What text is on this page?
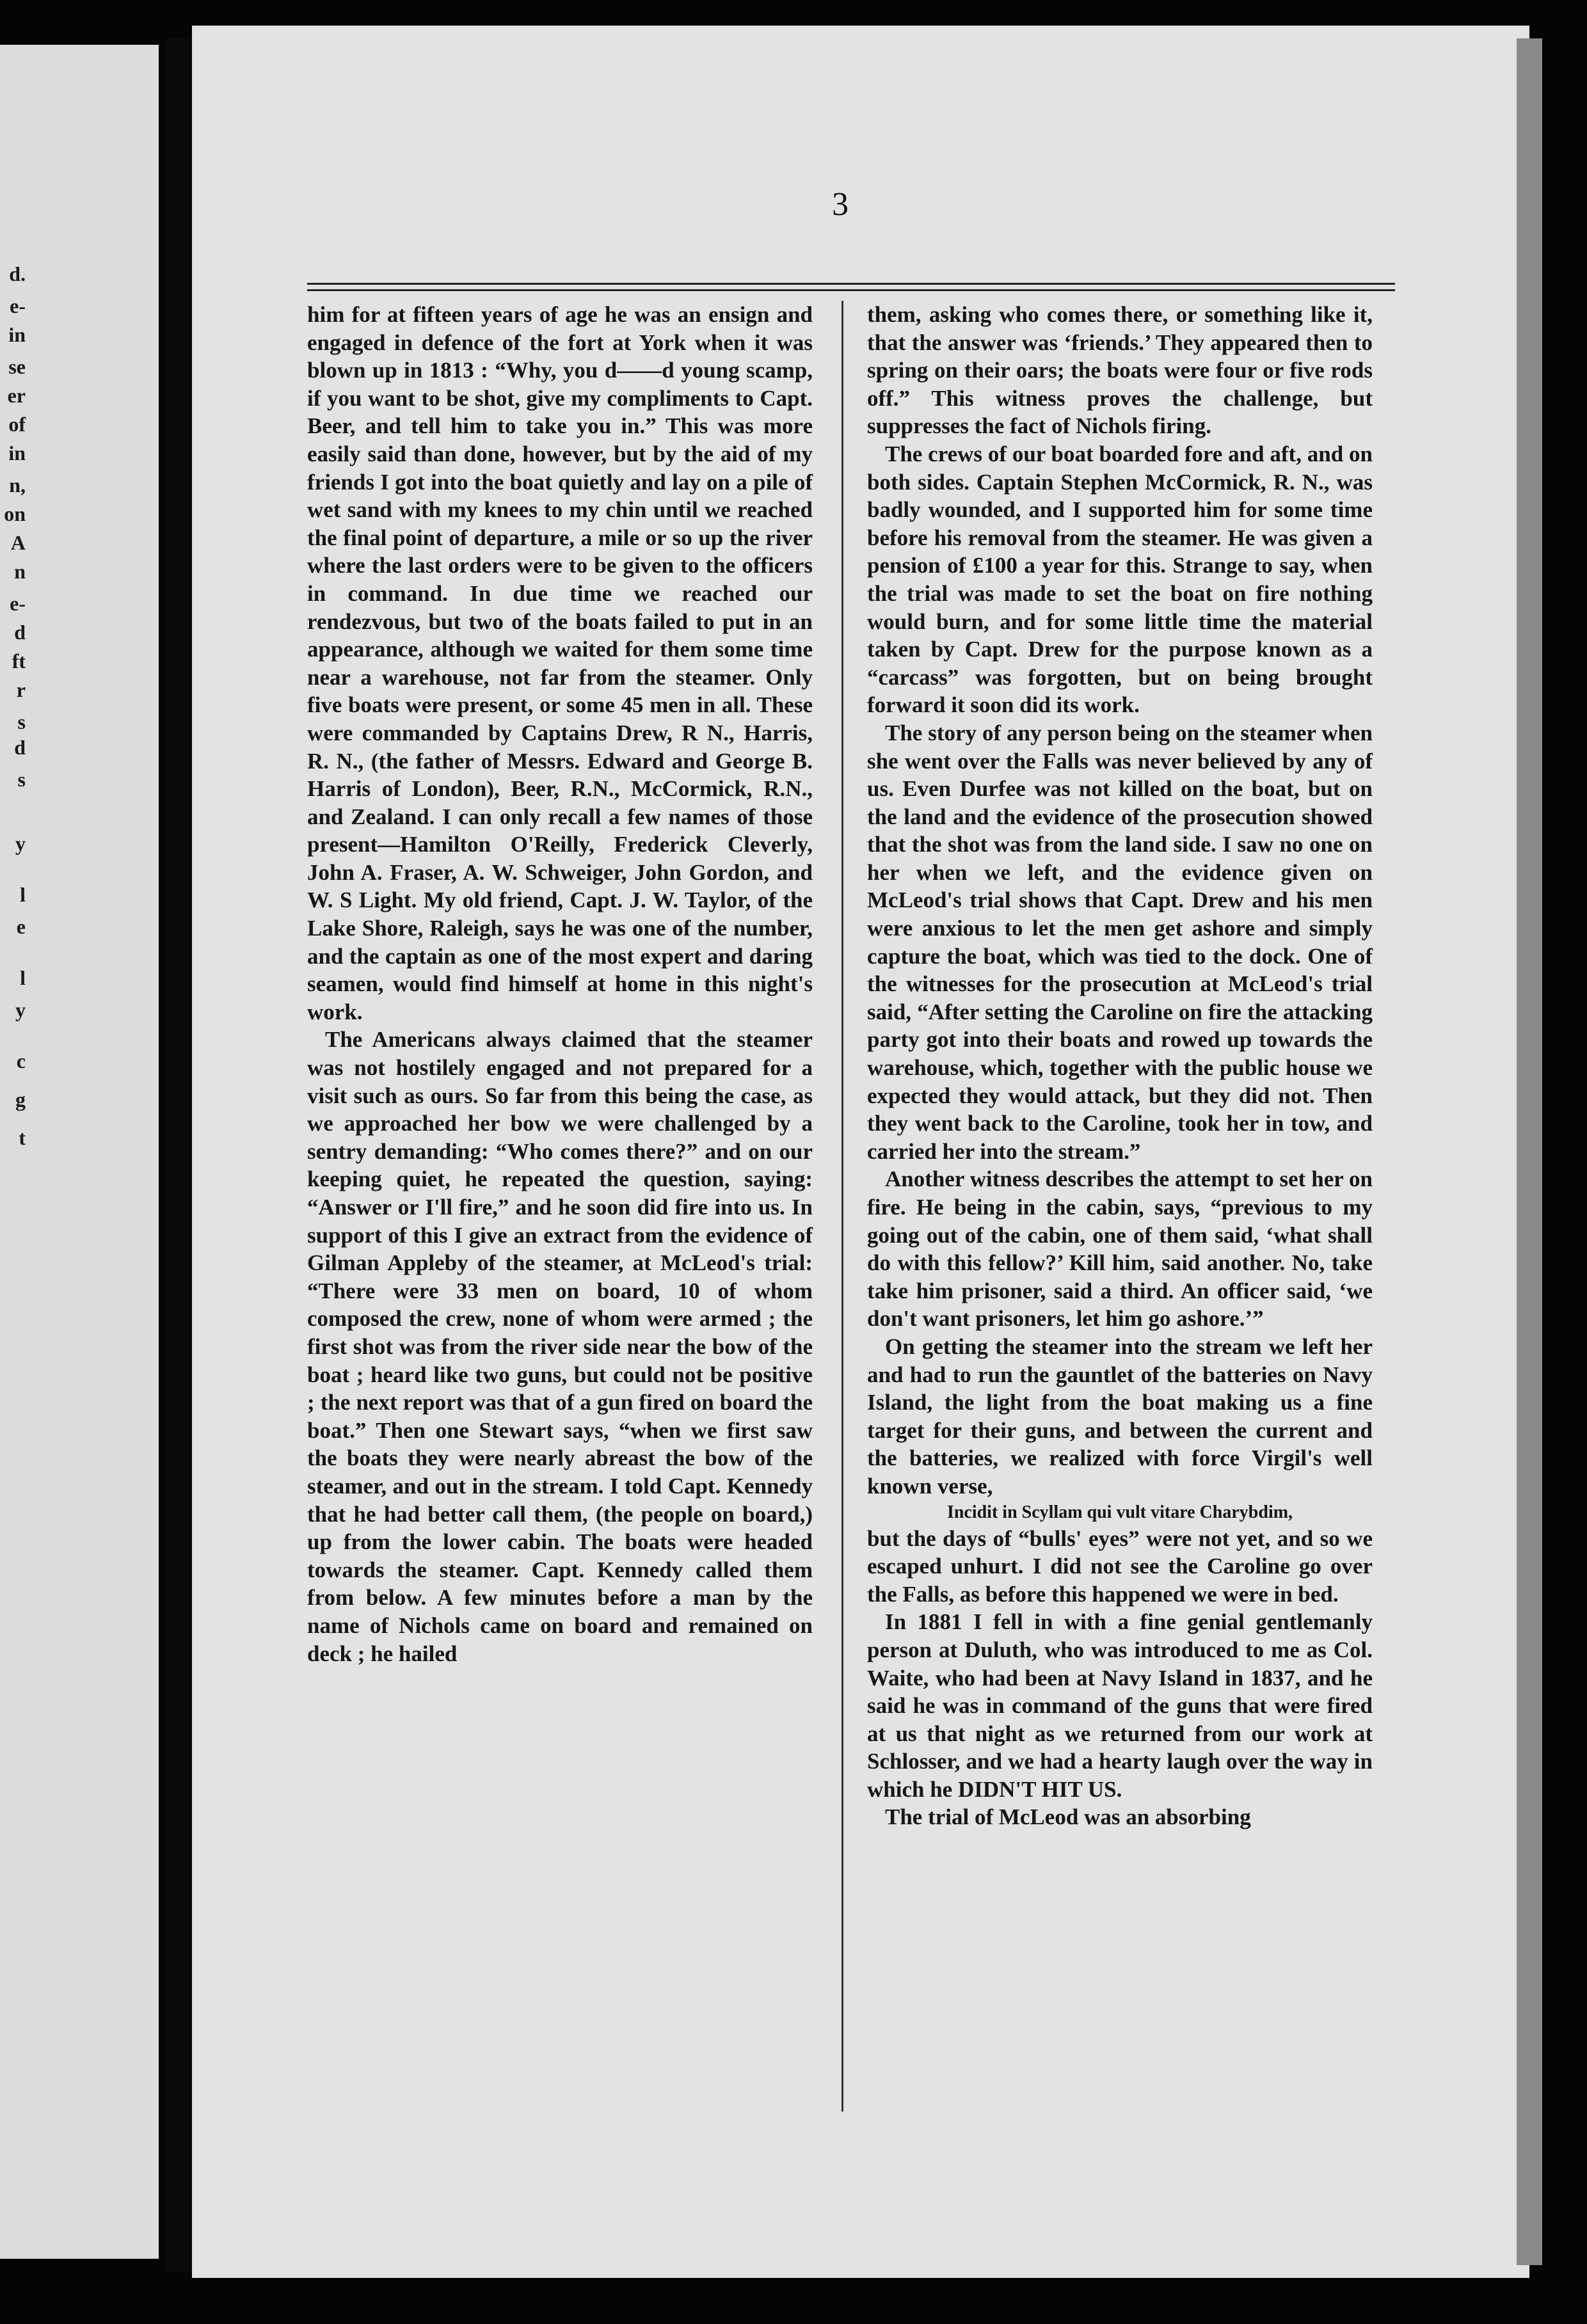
d.
e-
in
se
er
of
in
n,
on
A
n
e-
d
ft
r
s
d
s
y
l
e
l
y
c
g
t
3

him for at fifteen years of age he was an ensign and engaged in defence of the fort at York when it was blown up in 1813 : “Why, you d——d young scamp, if you want to be shot, give my compliments to Capt. Beer, and tell him to take you in.” This was more easily said than done, however, but by the aid of my friends I got into the boat quietly and lay on a pile of wet sand with my knees to my chin until we reached the final point of departure, a mile or so up the river where the last orders were to be given to the officers in command. In due time we reached our rendezvous, but two of the boats failed to put in an appearance, although we waited for them some time near a warehouse, not far from the steamer. Only five boats were present, or some 45 men in all. These were commanded by Captains Drew, R N., Harris, R. N., (the father of Messrs. Edward and George B. Harris of London), Beer, R.N., McCormick, R.N., and Zealand. I can only recall a few names of those present—Hamilton O'Reilly, Frederick Cleverly, John A. Fraser, A. W. Schweiger, John Gordon, and W. S Light. My old friend, Capt. J. W. Taylor, of the Lake Shore, Raleigh, says he was one of the number, and the captain as one of the most expert and daring seamen, would find himself at home in this night's work.

The Americans always claimed that the steamer was not hostilely engaged and not prepared for a visit such as ours. So far from this being the case, as we approached her bow we were challenged by a sentry demanding: “Who comes there?” and on our keeping quiet, he repeated the question, saying: “Answer or I'll fire,” and he soon did fire into us. In support of this I give an extract from the evidence of Gilman Appleby of the steamer, at McLeod's trial: “There were 33 men on board, 10 of whom composed the crew, none of whom were armed ; the first shot was from the river side near the bow of the boat ; heard like two guns, but could not be positive ; the next report was that of a gun fired on board the boat.” Then one Stewart says, “when we first saw the boats they were nearly abreast the bow of the steamer, and out in the stream. I told Capt. Kennedy that he had better call them, (the people on board,) up from the lower cabin. The boats were headed towards the steamer. Capt. Kennedy called them from below. A few minutes before a man by the name of Nichols came on board and remained on deck ; he hailed

them, asking who comes there, or something like it, that the answer was ‘friends.’ They appeared then to spring on their oars; the boats were four or five rods off.” This witness proves the challenge, but suppresses the fact of Nichols firing.

The crews of our boat boarded fore and aft, and on both sides. Captain Stephen McCormick, R. N., was badly wounded, and I supported him for some time before his removal from the steamer. He was given a pension of £100 a year for this. Strange to say, when the trial was made to set the boat on fire nothing would burn, and for some little time the material taken by Capt. Drew for the purpose known as a “carcass” was forgotten, but on being brought forward it soon did its work.

The story of any person being on the steamer when she went over the Falls was never believed by any of us. Even Durfee was not killed on the boat, but on the land and the evidence of the prosecution showed that the shot was from the land side. I saw no one on her when we left, and the evidence given on McLeod's trial shows that Capt. Drew and his men were anxious to let the men get ashore and simply capture the boat, which was tied to the dock. One of the witnesses for the prosecution at McLeod's trial said, “After setting the Caroline on fire the attacking party got into their boats and rowed up towards the warehouse, which, together with the public house we expected they would attack, but they did not. Then they went back to the Caroline, took her in tow, and carried her into the stream.”

Another witness describes the attempt to set her on fire. He being in the cabin, says, “previous to my going out of the cabin, one of them said, ‘what shall do with this fellow?’ Kill him, said another. No, take take him prisoner, said a third. An officer said, ‘we don't want prisoners, let him go ashore.’”

On getting the steamer into the stream we left her and had to run the gauntlet of the batteries on Navy Island, the light from the boat making us a fine target for their guns, and between the current and the batteries, we realized with force Virgil's well known verse,

Incidit in Scyllam qui vult vitare Charybdim,

but the days of “bulls' eyes” were not yet, and so we escaped unhurt. I did not see the Caroline go over the Falls, as before this happened we were in bed.

In 1881 I fell in with a fine genial gentlemanly person at Duluth, who was introduced to me as Col. Waite, who had been at Navy Island in 1837, and he said he was in command of the guns that were fired at us that night as we returned from our work at Schlosser, and we had a hearty laugh over the way in which he DIDN'T HIT US.

The trial of McLeod was an absorbing
